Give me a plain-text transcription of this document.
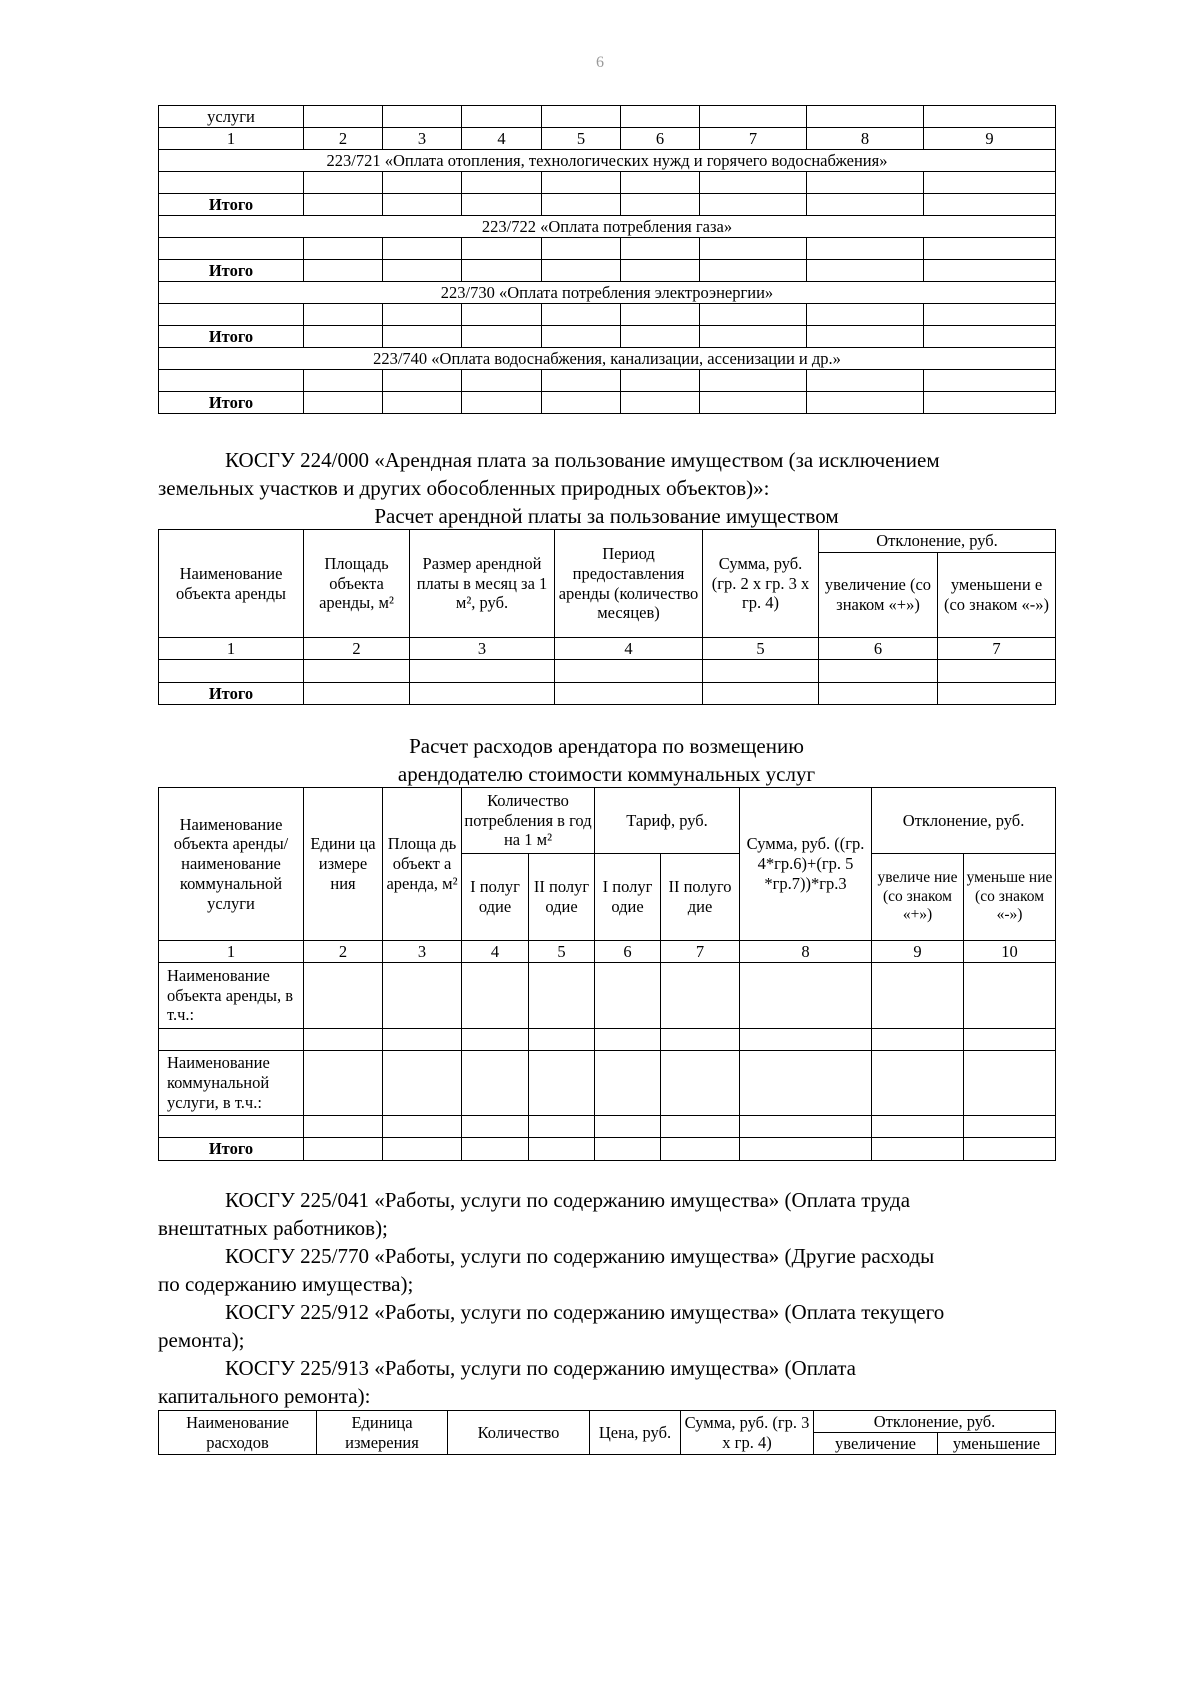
6
услуги								
1	2	3	4	5	6	7	8	9
223/721 «Оплата отопления, технологических нужд и горячего водоснабжения»								

Итого								
223/722 «Оплата потребления газа»								

Итого								
223/730 «Оплата потребления электроэнергии»								

Итого								
223/740 «Оплата водоснабжения, канализации, ассенизации и др.»								

Итого								
КОСГУ 224/000 «Арендная плата за пользование имуществом (за исключением
земельных участков и других обособленных природных объектов)»:
Расчет арендной платы за пользование имуществом
Наименование объекта аренды	Площадь объекта аренды, м²	Размер арендной платы в месяц за 1 м², руб.	Период предоставления аренды (количество месяцев)	Сумма, руб. (гр. 2 х гр. 3 х гр. 4)	Отклонение, руб.	
					увеличение (со знаком «+»)	уменьшени е (со знаком «-»)
1	2	3	4	5	6	7

Итого						
Расчет расходов арендатора по возмещению
арендодателю стоимости коммунальных услуг
Наименование объекта аренды/ наименование коммунальной услуги	Едини ца измере ния	Площа дь объект а аренда, м²	Количество потребления в год на 1 м²		Тариф, руб.		Сумма, руб. ((гр. 4*гр.6)+(гр. 5 *гр.7))*гр.3	Отклонение, руб.	
			I полуг одие	II полуг одие	I полуг одие	II полуго дие		увеличе ние (со знаком «+»)	уменьше ние (со знаком «-»)
1	2	3	4	5	6	7	8	9	10
Наименование объекта аренды, в т.ч.:									

Наименование коммунальной услуги, в т.ч.:									

Итого									
КОСГУ 225/041 «Работы, услуги по содержанию имущества» (Оплата труда
внештатных работников);
КОСГУ 225/770 «Работы, услуги по содержанию имущества» (Другие расходы
по содержанию имущества);
КОСГУ 225/912 «Работы, услуги по содержанию имущества» (Оплата текущего
ремонта);
КОСГУ 225/913 «Работы, услуги по содержанию имущества» (Оплата
капитального ремонта):
Наименование расходов	Единица измерения	Количество	Цена, руб.	Сумма, руб. (гр. 3 х гр. 4)	Отклонение, руб.	
					увеличение	уменьшение
